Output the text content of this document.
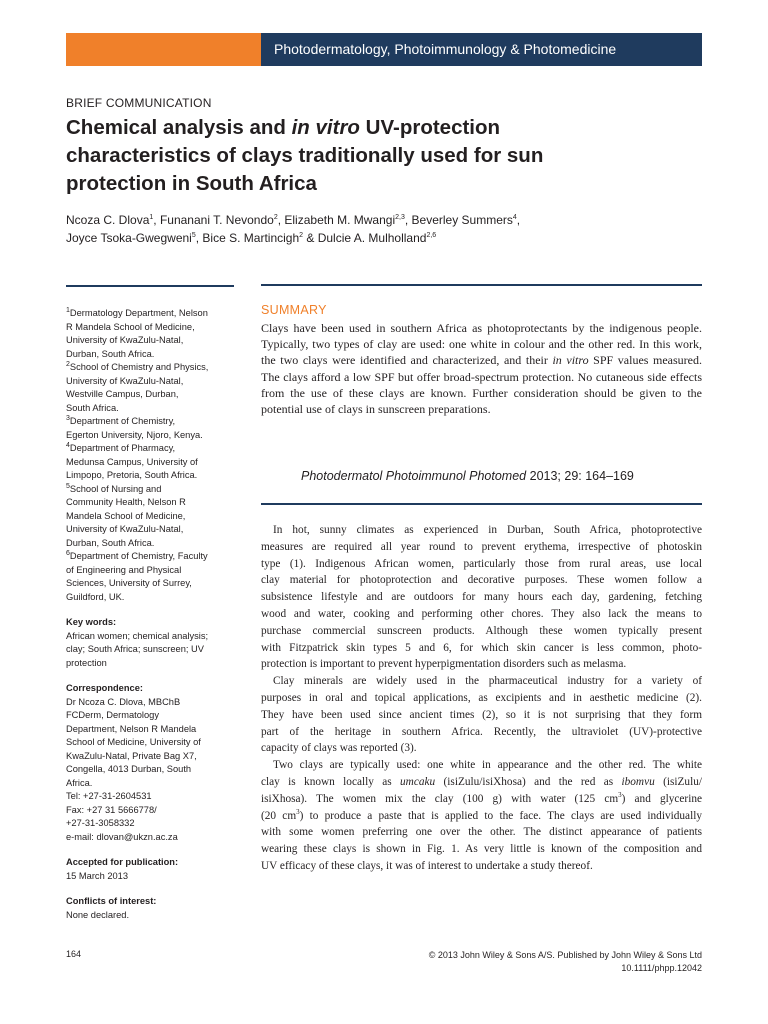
Photodermatology, Photoimmunology & Photomedicine
BRIEF COMMUNICATION
Chemical analysis and in vitro UV-protection
characteristics of clays traditionally used for sun
protection in South Africa
Ncoza C. Dlova$^1$, Funanani T. Nevondo$^2$, Elizabeth M. Mwangi$^{2,3}$, Beverley Summers$^4$,
Joyce Tsoka-Gwegweni$^5$, Bice S. Martincigh$^2$ & Dulcie A. Mulholland$^{2,6}$
$^1$Dermatology Department, Nelson
R Mandela School of Medicine,
University of KwaZulu-Natal,
Durban, South Africa.
$^2$School of Chemistry and Physics,
University of KwaZulu-Natal,
Westville Campus, Durban,
South Africa.
$^3$Department of Chemistry,
Egerton University, Njoro, Kenya.
$^4$Department of Pharmacy,
Medunsa Campus, University of
Limpopo, Pretoria, South Africa.
$^5$School of Nursing and
Community Health, Nelson R
Mandela School of Medicine,
University of KwaZulu-Natal,
Durban, South Africa.
$^6$Department of Chemistry, Faculty
of Engineering and Physical
Sciences, University of Surrey,
Guildford, UK.
Key words:
African women; chemical analysis;
clay; South Africa; sunscreen; UV
protection
Correspondence:
Dr Ncoza C. Dlova, MBChB
FCDerm, Dermatology
Department, Nelson R Mandela
School of Medicine, University of
KwaZulu-Natal, Private Bag X7,
Congella, 4013 Durban, South
Africa.
Tel: +27-31-2604531
Fax: +27 31 5666778/
+27-31-3058332
e-mail: dlovan@ukzn.ac.za
Accepted for publication:
15 March 2013
Conflicts of interest:
None declared.
SUMMARY
Clays have been used in southern Africa as photoprotectants by the indigenous people. Typically, two types of clay are used: one white in colour and the other red. In this work, the two clays were identified and characterized, and their in vitro SPF values measured. The clays afford a low SPF but offer broad-spectrum protection. No cutaneous side effects from the use of these clays are known. Further consideration should be given to the potential use of clays in sunscreen preparations.
Photodermatol Photoimmunol Photomed 2013; 29: 164–169
In hot, sunny climates as experienced in Durban, South Africa, photoprotective
measures are required all year round to prevent erythema, irrespective of photoskin
type (1). Indigenous African women, particularly those from rural areas, use local
clay material for photoprotection and decorative purposes. These women follow a
subsistence lifestyle and are outdoors for many hours each day, gardening, fetching
wood and water, cooking and performing other chores. They also lack the means to
purchase commercial sunscreen products. Although these women typically present
with Fitzpatrick skin types 5 and 6, for which skin cancer is less common, photo-
protection is important to prevent hyperpigmentation disorders such as melasma.
Clay minerals are widely used in the pharmaceutical industry for a variety of
purposes in oral and topical applications, as excipients and in aesthetic medicine (2).
They have been used since ancient times (2), so it is not surprising that they form
part of the heritage in southern Africa. Recently, the ultraviolet (UV)-protective
capacity of clays was reported (3).
Two clays are typically used: one white in appearance and the other red. The white
clay is known locally as umcaku (isiZulu/isiXhosa) and the red as ibomvu (isiZulu/
isiXhosa). The women mix the clay (100 g) with water (125 $cm^3$) and glycerine
(20 $cm^3$) to produce a paste that is applied to the face. The clays are used individually
with some women preferring one over the other. The distinct appearance of patients
wearing these clays is shown in Fig. 1. As very little is known of the composition and
UV efficacy of these clays, it was of interest to undertake a study thereof.
164	© 2013 John Wiley & Sons A/S. Published by John Wiley & Sons Ltd
10.1111/phpp.12042
